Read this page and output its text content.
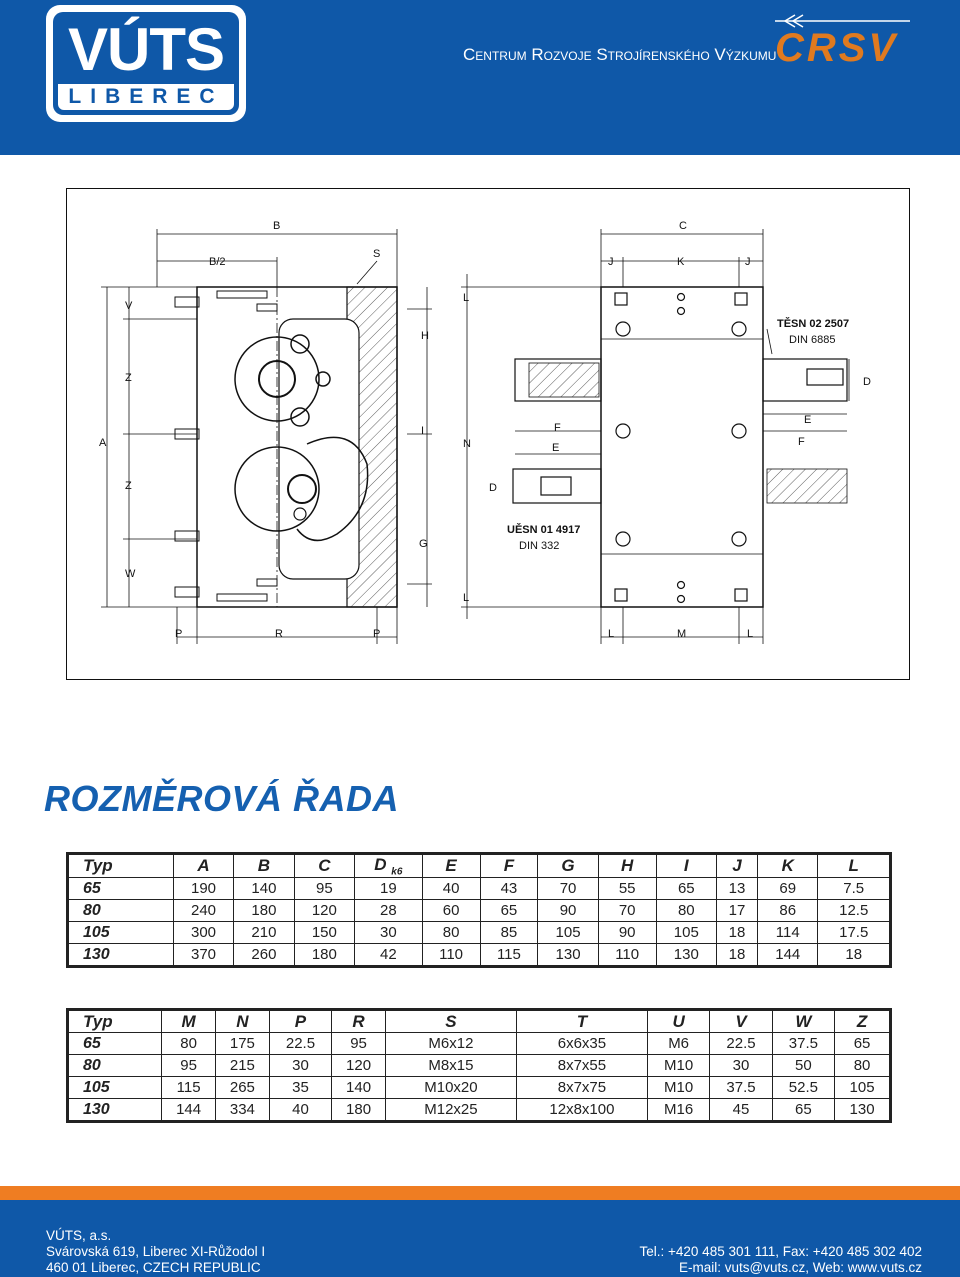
VÚTS
LIBEREC
Centrum Rozvoje Strojírenského Výzkumu
CRSV
B
B/2
S
V
H
Z
A
I
Z
G
W
P	R	P
C
J	K	J
L
N
F
E
D
L
L	M	L
E
F
D
TĚSN 02 2507
DIN 6885
UĚSN 01 4917
DIN 332
ROZMĚROVÁ ŘADA
Typ	A	B	C	D $_{k6}$	E	F	G	H	I	J	K	L
65	190	140	95	19	40	43	70	55	65	13	69	7.5
80	240	180	120	28	60	65	90	70	80	17	86	12.5
105	300	210	150	30	80	85	105	90	105	18	114	17.5
130	370	260	180	42	110	115	130	110	130	18	144	18
Typ	M	N	P	R	S	T	U	V	W	Z
65	80	175	22.5	95	M6x12	6x6x35	M6	22.5	37.5	65
80	95	215	30	120	M8x15	8x7x55	M10	30	50	80
105	115	265	35	140	M10x20	8x7x75	M10	37.5	52.5	105
130	144	334	40	180	M12x25	12x8x100	M16	45	65	130
VÚTS, a.s.
Svárovská 619, Liberec XI-Růžodol I
460 01 Liberec, CZECH REPUBLIC
Tel.: +420 485 301 111, Fax: +420 485 302 402
E-mail: vuts@vuts.cz, Web: www.vuts.cz
